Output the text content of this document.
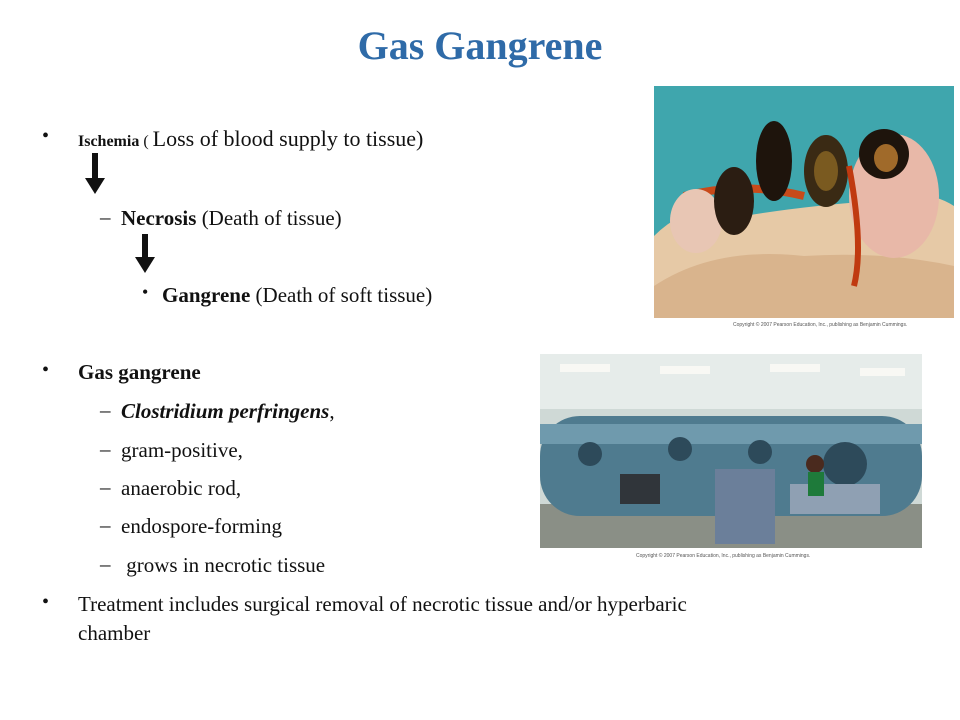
Gas Gangrene
• Ischemia ( Loss of blood supply to tissue)
– Necrosis (Death of tissue)
• Gangrene (Death of soft tissue)
• Gas gangrene
– Clostridium perfringens,
– gram-positive,
– anaerobic rod,
– endospore-forming
– grows in necrotic tissue
• Treatment includes surgical removal of necrotic tissue and/or hyperbaric
chamber
Copyright © 2007 Pearson Education, Inc., publishing as Benjamin Cummings.
Copyright © 2007 Pearson Education, Inc., publishing as Benjamin Cummings.
